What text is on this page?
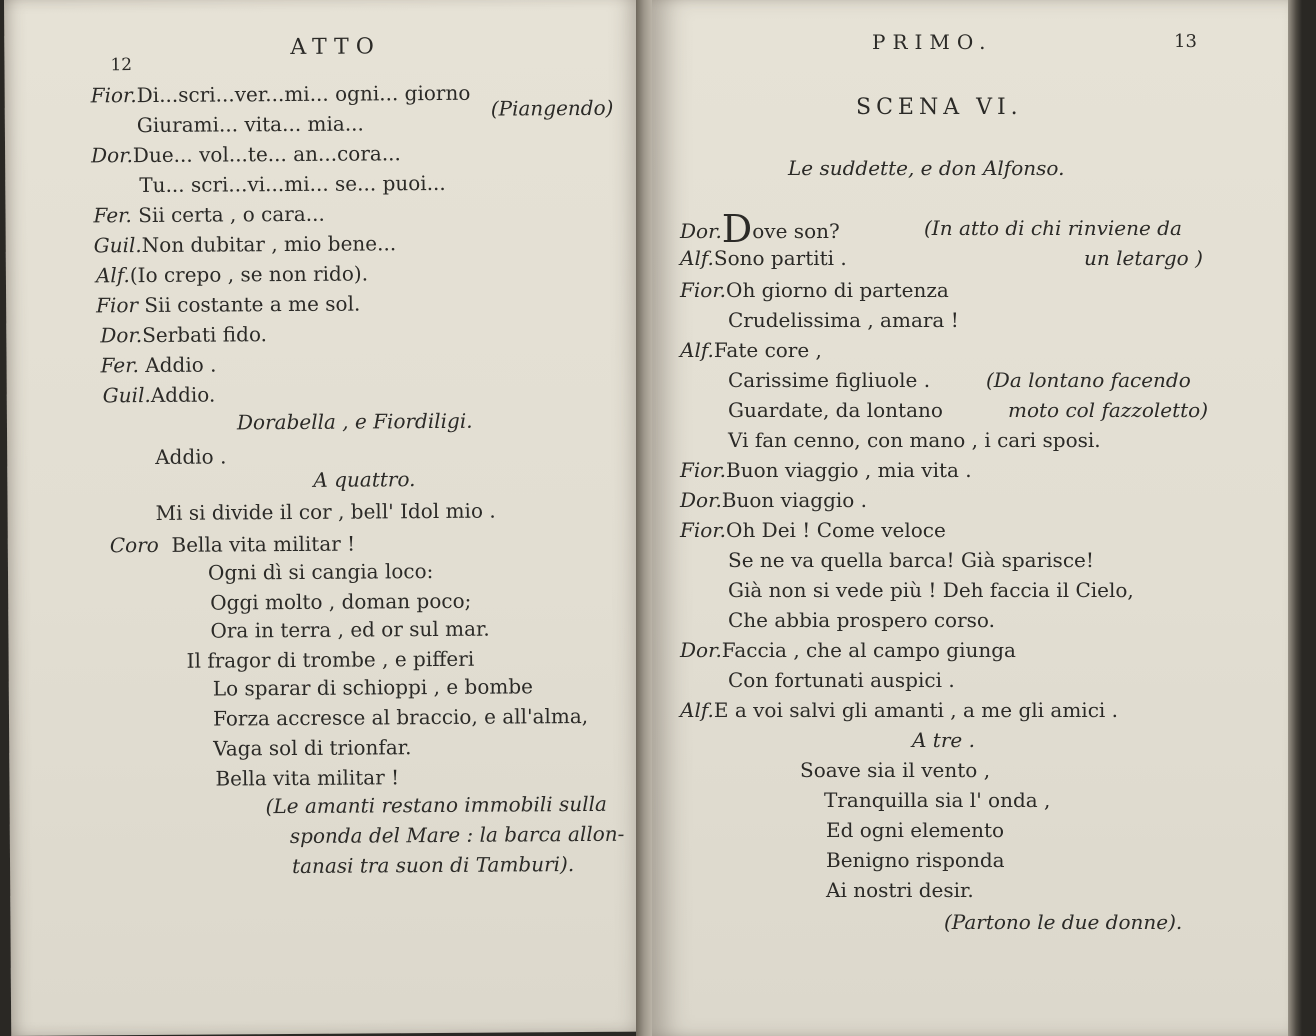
12
ATTO
Fior.Di...scri...ver...mi... ogni... giorno
Giurami... vita... mia...
(Piangendo)
Dor.Due... vol...te... an...cora...
Tu... scri...vi...mi... se... puoi...
Fer. Sii certa , o cara...
Guil.Non dubitar , mio bene...
Alf.(Io crepo , se non rido).
Fior Sii costante a me sol.
Dor.Serbati fido.
Fer. Addio .
Guil.Addio.
Dorabella , e Fiordiligi.
Addio .
A quattro.
Mi si divide il cor , bell' Idol mio .
Coro Bella vita militar !
Ogni dì si cangia loco:
Oggi molto , doman poco;
Ora in terra , ed or sul mar.
Il fragor di trombe , e pifferi
Lo sparar di schioppi , e bombe
Forza accresce al braccio, e all'alma,
Vaga sol di trionfar.
Bella vita militar !
(Le amanti restano immobili sulla
sponda del Mare : la barca allon-
tanasi tra suon di Tamburi).
PRIMO.	13
SCENA VI.
Le suddette, e don Alfonso.
Dor.Dove son?	(In atto di chi rinviene da
Alf.Sono partiti .	un letargo )
Fior.Oh giorno di partenza
Crudelissima , amara !
Alf.Fate core ,
Carissime figliuole .	(Da lontano facendo
Guardate, da lontano	moto col fazzoletto)
Vi fan cenno, con mano , i cari sposi.
Fior.Buon viaggio , mia vita .
Dor.Buon viaggio .
Fior.Oh Dei ! Come veloce
Se ne va quella barca! Già sparisce!
Già non si vede più ! Deh faccia il Cielo,
Che abbia prospero corso.
Dor.Faccia , che al campo giunga
Con fortunati auspici .
Alf.E a voi salvi gli amanti , a me gli amici .
A tre .
Soave sia il vento ,
Tranquilla sia l' onda ,
Ed ogni elemento
Benigno risponda
Ai nostri desir.
(Partono le due donne).
